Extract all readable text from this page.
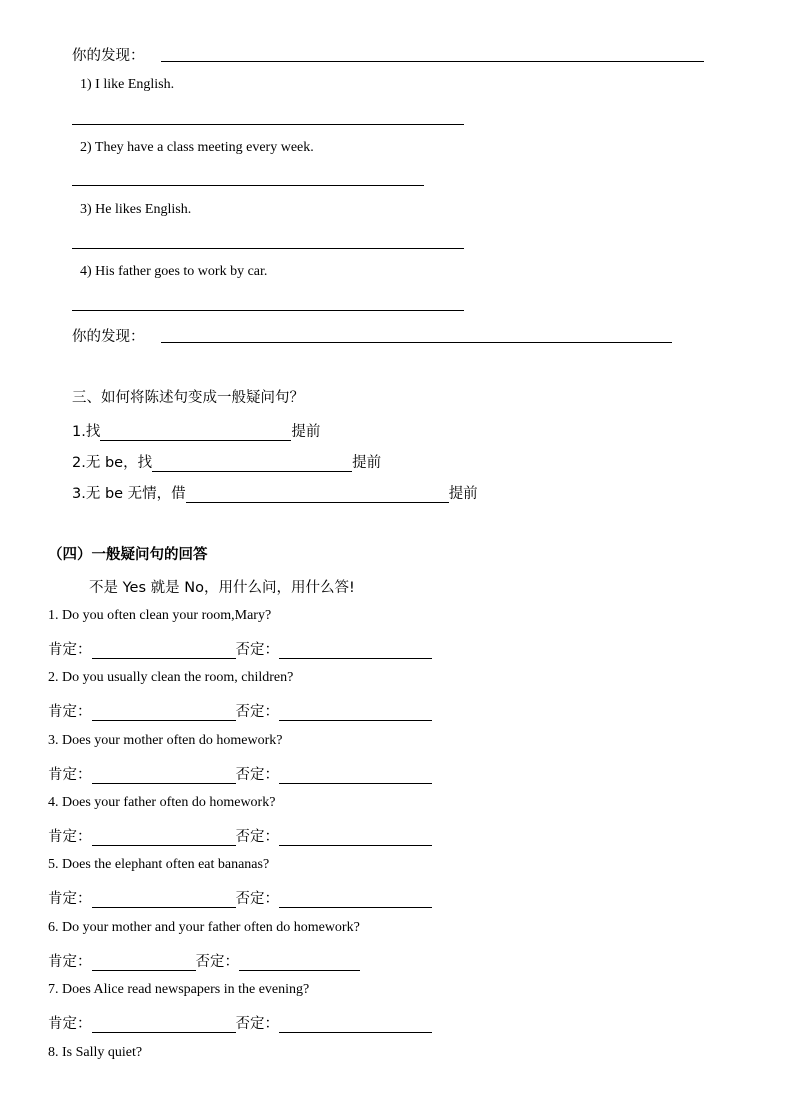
你的发现：
1) I like English.
2) They have a class meeting every week.
3) He likes English.
4) His father goes to work by car.
你的发现：
三、如何将陈述句变成一般疑问句？
1.找	提前
2.无 be，找	提前
3.无 be 无情，借	提前
（四）一般疑问句的回答
不是 Yes 就是 No，用什么问，用什么答!
1. Do you often clean your room,Mary?
肯定：	否定：
2. Do you usually clean the room, children?
肯定：	否定：
3. Does your mother often do homework?
肯定：	否定：
4. Does your father often do homework?
肯定：	否定：
5. Does the elephant often eat bananas?
肯定：	否定：
6. Do your mother and your father often do homework?
肯定：	否定：
7. Does Alice read newspapers in the evening?
肯定：	否定：
8. Is Sally quiet?
